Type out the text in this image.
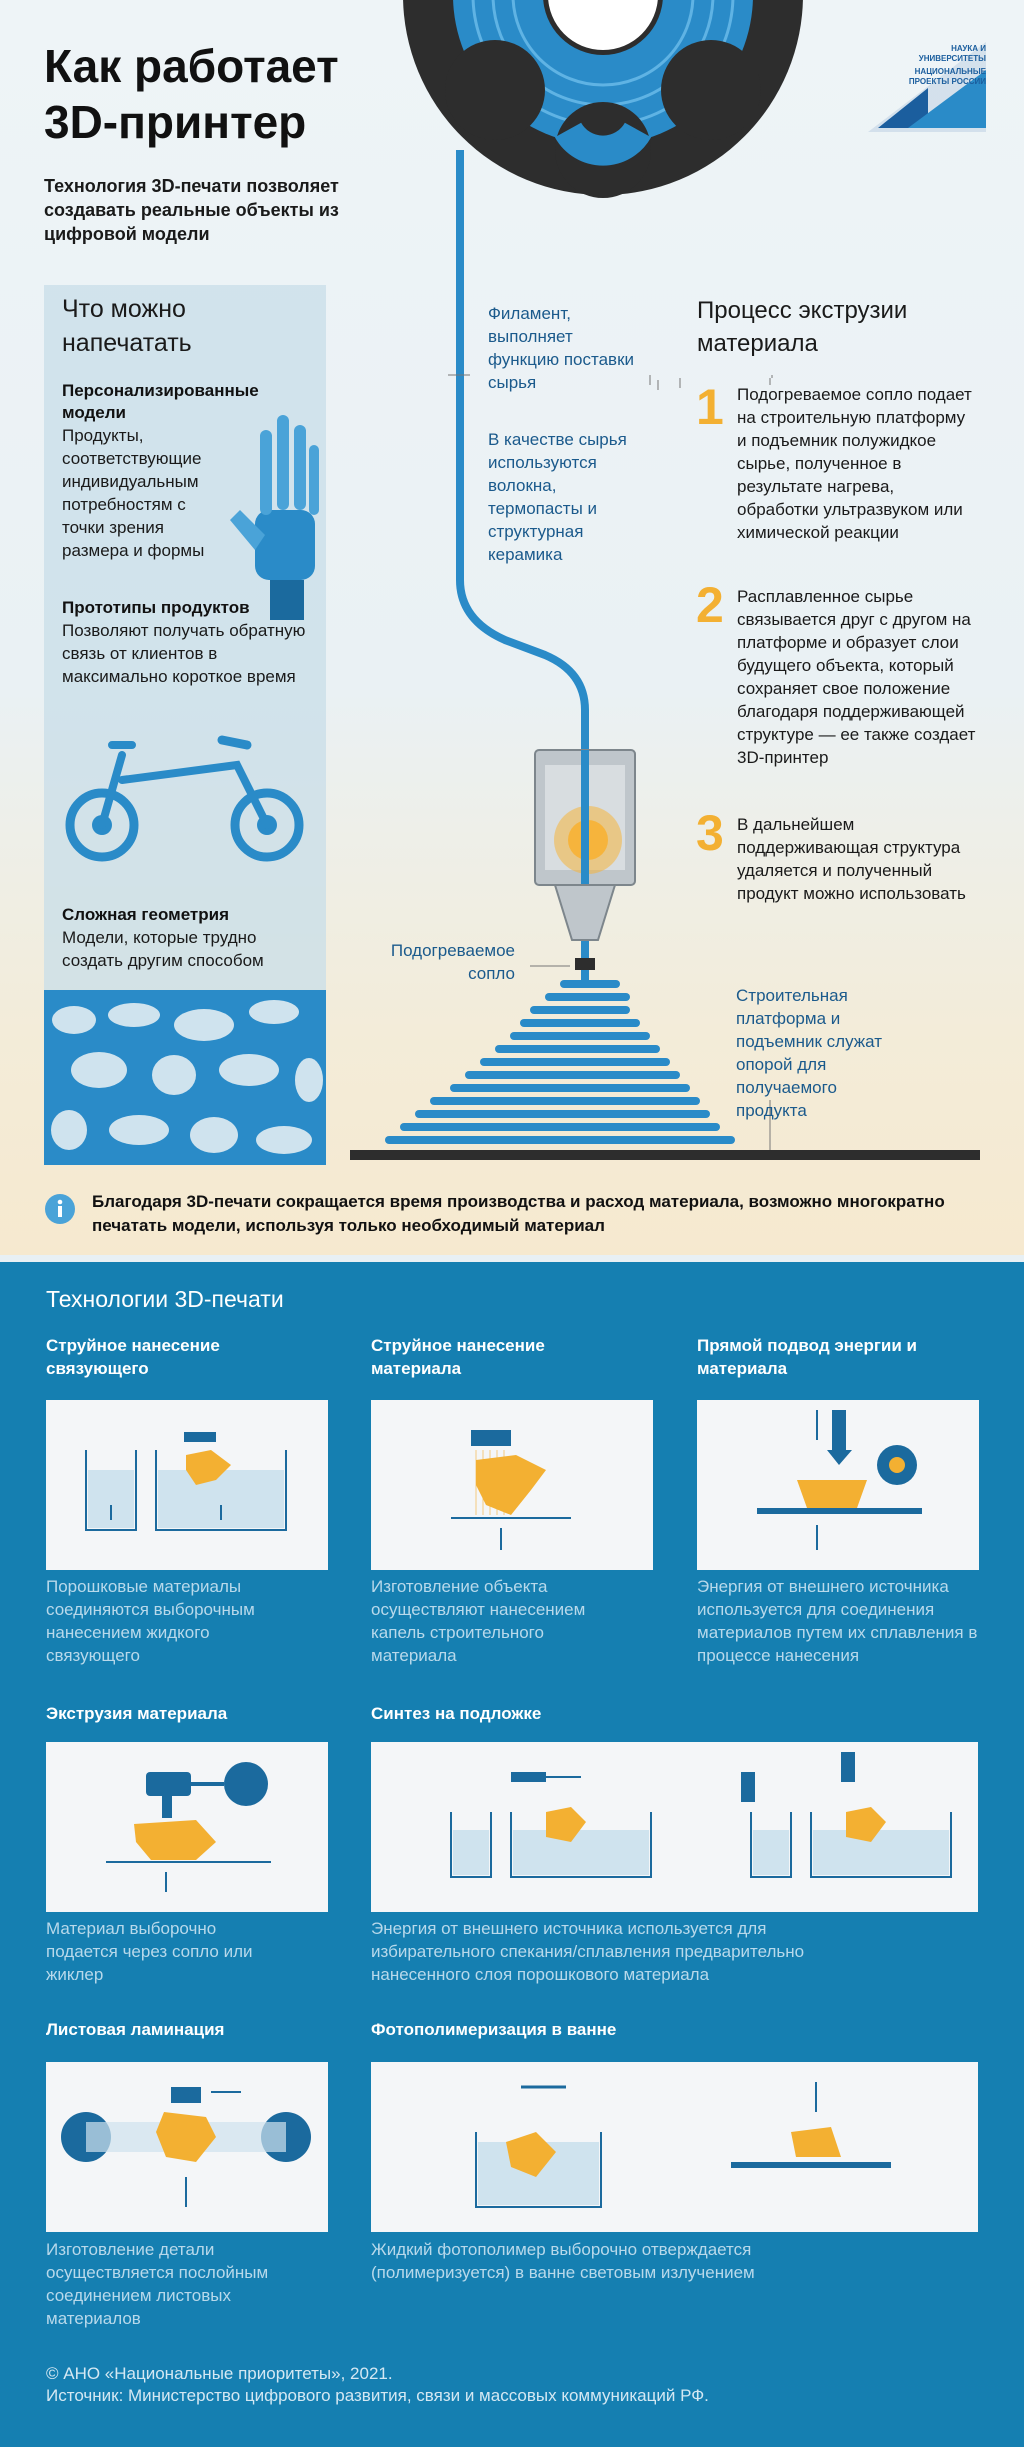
Как работает 3D-принтер
Технология 3D-печати позволяет создавать реальные объекты из цифровой модели
НАУКА И УНИВЕРСИТЕТЫ
НАЦИОНАЛЬНЫЕ ПРОЕКТЫ РОССИИ
Что можно напечатать
Персонализированные модели
Продукты, соответствующие индивидуальным потребностям с точки зрения размера и формы
Прототипы продуктов
Позволяют получать обратную связь от клиентов в максимально короткое время
Сложная геометрия
Модели, которые трудно создать другим способом
Филамент, выполняет функцию поставки сырья
В качестве сырья используются волокна, термопасты и структурная керамика
Подогреваемое сопло
Строительная платформа и подъемник служат опорой для получаемого продукта
Процесс экструзии материала
1 Подогреваемое сопло подает на строительную платформу и подъемник полужидкое сырье, полученное в результате нагрева, обработки ультразвуком или химической реакции
2 Расплавленное сырье связывается друг с другом на платформе и образует слои будущего объекта, который сохраняет свое положение благодаря поддерживающей структуре — ее также создает 3D-принтер
3 В дальнейшем поддерживающая структура удаляется и полученный продукт можно использовать
Благодаря 3D-печати сокращается время производства и расход материала, возможно многократно печатать модели, используя только необходимый материал
Технологии 3D-печати
Струйное нанесение связующего
Порошковые материалы соединяются выборочным нанесением жидкого связующего
Струйное нанесение материала
Изготовление объекта осуществляют нанесением капель строительного материала
Прямой подвод энергии и материала
Энергия от внешнего источника используется для соединения материалов путем их сплавления в процессе нанесения
Экструзия материала
Материал выборочно подается через сопло или жиклер
Синтез на подложке
Энергия от внешнего источника используется для избирательного спекания/сплавления предварительно нанесенного слоя порошкового материала
Листовая ламинация
Изготовление детали осуществляется послойным соединением листовых материалов
Фотополимеризация в ванне
Жидкий фотополимер выборочно отверждается (полимеризуется) в ванне световым излучением
© АНО «Национальные приоритеты», 2021.
Источник: Министерство цифрового развития, связи и массовых коммуникаций РФ.
